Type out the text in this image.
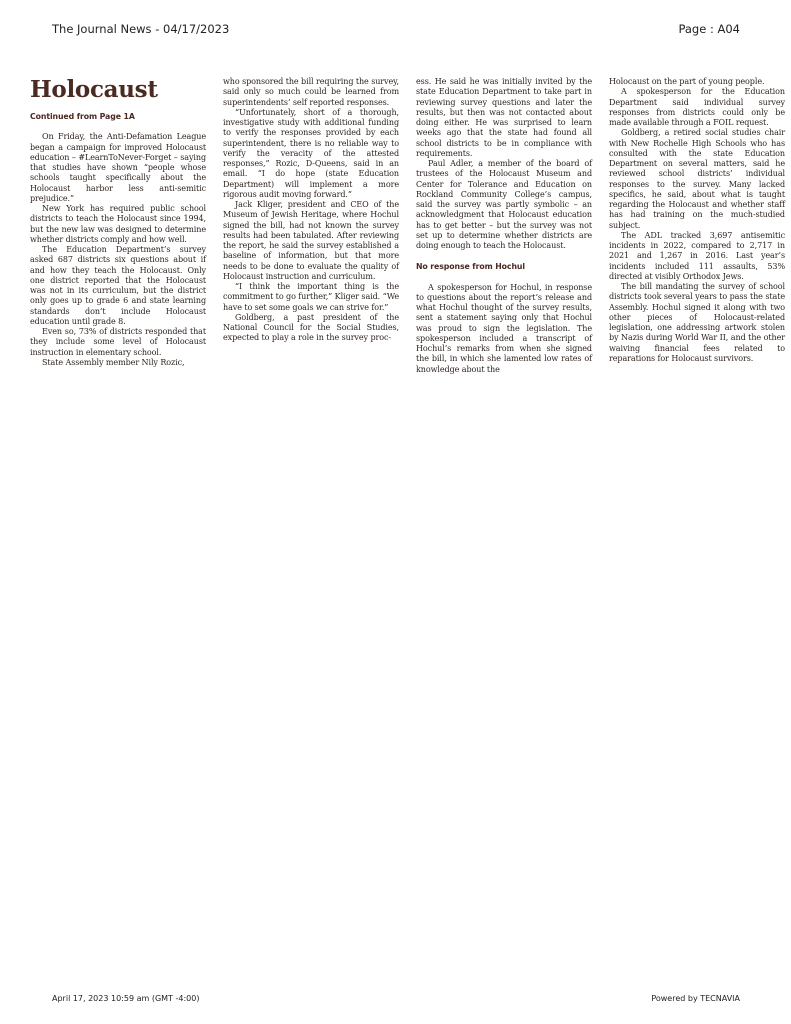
The Journal News - 04/17/2023	Page : A04
Holocaust
Continued from Page 1A

On Friday, the Anti-Defamation League began a campaign for improved Holocaust education – #LearnToNever-Forget – saying that studies have shown “people whose schools taught specifically about the Holocaust harbor less anti-semitic prejudice.”

New York has required public school districts to teach the Holocaust since 1994, but the new law was designed to determine whether districts comply and how well.

The Education Department’s survey asked 687 districts six questions about if and how they teach the Holocaust. Only one district reported that the Holocaust was not in its curriculum, but the district only goes up to grade 6 and state learning standards don’t include Holocaust education until grade 8.

Even so, 73% of districts responded that they include some level of Holocaust instruction in elementary school.

State Assembly member Nily Rozic,

who sponsored the bill requiring the survey, said only so much could be learned from superintendents’ self reported responses.

“Unfortunately, short of a thorough, investigative study with additional funding to verify the responses provided by each superintendent, there is no reliable way to verify the veracity of the attested responses,” Rozic, D-Queens, said in an email. “I do hope (state Education Department) will implement a more rigorous audit moving forward.”

Jack Kliger, president and CEO of the Museum of Jewish Heritage, where Hochul signed the bill, had not known the survey results had been tabulated. After reviewing the report, he said the survey established a baseline of information, but that more needs to be done to evaluate the quality of Holocaust instruction and curriculum.

“I think the important thing is the commitment to go further,” Kliger said. “We have to set some goals we can strive for.”

Goldberg, a past president of the National Council for the Social Studies, expected to play a role in the survey proc-

ess. He said he was initially invited by the state Education Department to take part in reviewing survey questions and later the results, but then was not contacted about doing either. He was surprised to learn weeks ago that the state had found all school districts to be in compliance with requirements.

Paul Adler, a member of the board of trustees of the Holocaust Museum and Center for Tolerance and Education on Rockland Community College’s campus, said the survey was partly symbolic – an acknowledgment that Holocaust education has to get better – but the survey was not set up to determine whether districts are doing enough to teach the Holocaust.

No response from Hochul

A spokesperson for Hochul, in response to questions about the report’s release and what Hochul thought of the survey results, sent a statement saying only that Hochul was proud to sign the legislation. The spokesperson included a transcript of Hochul’s remarks from when she signed the bill, in which she lamented low rates of knowledge about the

Holocaust on the part of young people.

A spokesperson for the Education Department said individual survey responses from districts could only be made available through a FOIL request.

Goldberg, a retired social studies chair with New Rochelle High Schools who has consulted with the state Education Department on several matters, said he reviewed school districts’ individual responses to the survey. Many lacked specifics, he said, about what is taught regarding the Holocaust and whether staff has had training on the much-studied subject.

The ADL tracked 3,697 antisemitic incidents in 2022, compared to 2,717 in 2021 and 1,267 in 2016. Last year’s incidents included 111 assaults, 53% directed at visibly Orthodox Jews.

The bill mandating the survey of school districts took several years to pass the state Assembly. Hochul signed it along with two other pieces of Holocaust-related legislation, one addressing artwork stolen by Nazis during World War II, and the other waiving financial fees related to reparations for Holocaust survivors.

April 17, 2023 10:59 am (GMT -4:00)	Powered by TECNAVIA
